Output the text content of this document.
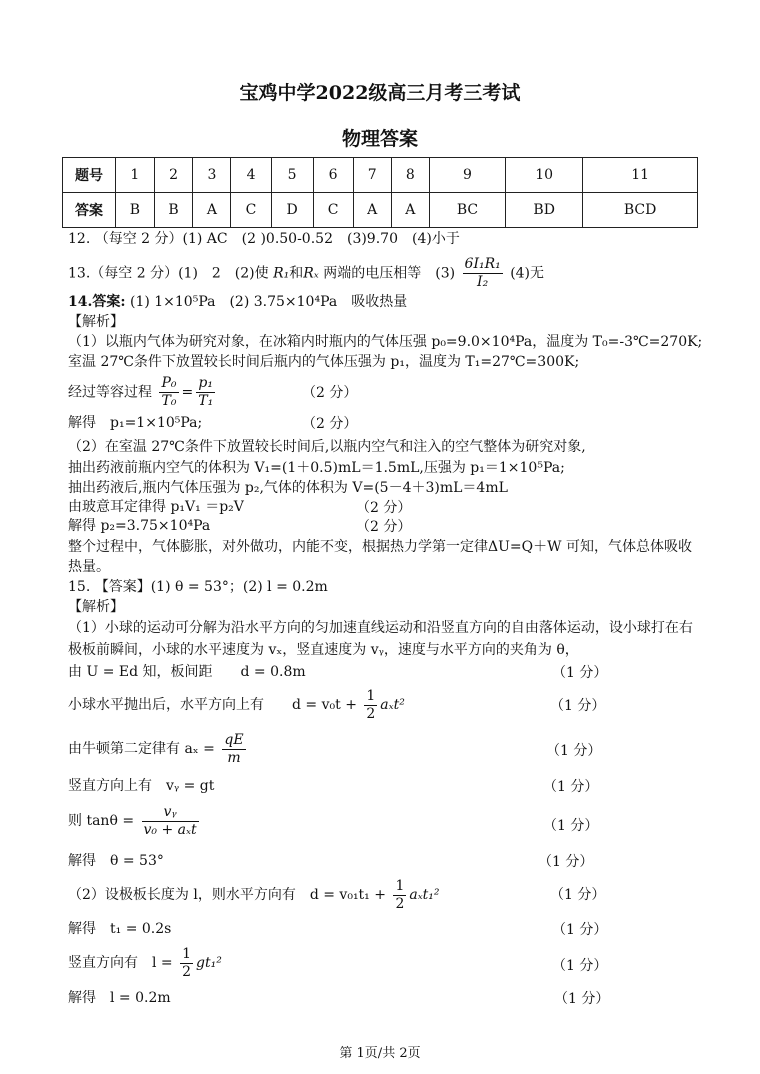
宝鸡中学2022级高三月考三考试
物理答案
题号	1	2	3	4	5	6	7	8	9	10	11
答案	B	B	A	C	D	C	A	A	BC	BD	BCD
12. （每空 2 分）(1) AC　(2 )0.50-0.52　(3)9.70　(4)小于
13.（每空 2 分）(1)　2　(2)使 R₁和Rₓ 两端的电压相等　$(3) \frac{\text{6I₁R₁}}{\text{I₂}} (4)$无
14.答案: (1) 1×10⁵Pa　(2) 3.75×10⁴Pa　吸收热量
【解析】
（1）以瓶内气体为研究对象，在冰箱内时瓶内的气体压强 p₀=9.0×10⁴Pa，温度为 T₀=-3℃=270K;
室温 27℃条件下放置较长时间后瓶内的气体压强为 p₁，温度为 T₁=27℃=300K;
经过等容过程 $\frac{\text{P₀}}{\text{T₀}} = \frac{\text{p₁}}{\text{T₁}}$	（2 分）
解得　p₁=1×10⁵Pa;	（2 分）
（2）在室温 27℃条件下放置较长时间后,以瓶内空气和注入的空气整体为研究对象,
抽出药液前瓶内空气的体积为 V₁=(1＋0.5)mL＝1.5mL,压强为 p₁＝1×10⁵Pa;
抽出药液后,瓶内气体压强为 p₂,气体的体积为 V=(5－4＋3)mL＝4mL
由玻意耳定律得 p₁V₁ ＝p₂V	（2 分）
解得 p₂=3.75×10⁴Pa	（2 分）
整个过程中，气体膨胀，对外做功，内能不变，根据热力学第一定律ΔU=Q＋W 可知，气体总体吸收热量。
15. 【答案】(1) θ = 53°；(2) l = 0.2m
【解析】
（1）小球的运动可分解为沿水平方向的匀加速直线运动和沿竖直方向的自由落体运动，设小球打在右极板前瞬间，小球的水平速度为 vₓ，竖直速度为 vᵧ，速度与水平方向的夹角为 θ，
由 U = Ed 知，板间距　　d = 0.8m	（1 分）
小球水平抛出后，水平方向上有　　$d = v_0t + \frac{1}{2} a_xt^2$	（1 分）
由牛顿第二定律有 $a_x = \frac{qE}{m}$	（1 分）
竖直方向上有　vᵧ = gt	（1 分）
则 $\tan\theta = \frac{\text{vᵧ}}{\text{v₀ + aₓt}}$	（1 分）
解得　θ = 53°	（1 分）
（2）设极板长度为 l，则水平方向有　$d = v_{01}t_1 + \frac{1}{2} a_xt_1^2$	（1 分）
解得　t₁ = 0.2s	（1 分）
竖直方向有　$l = \frac{1}{2} gt_1^2$	（1 分）
解得　l = 0.2m	（1 分）
第 1页/共 2页
